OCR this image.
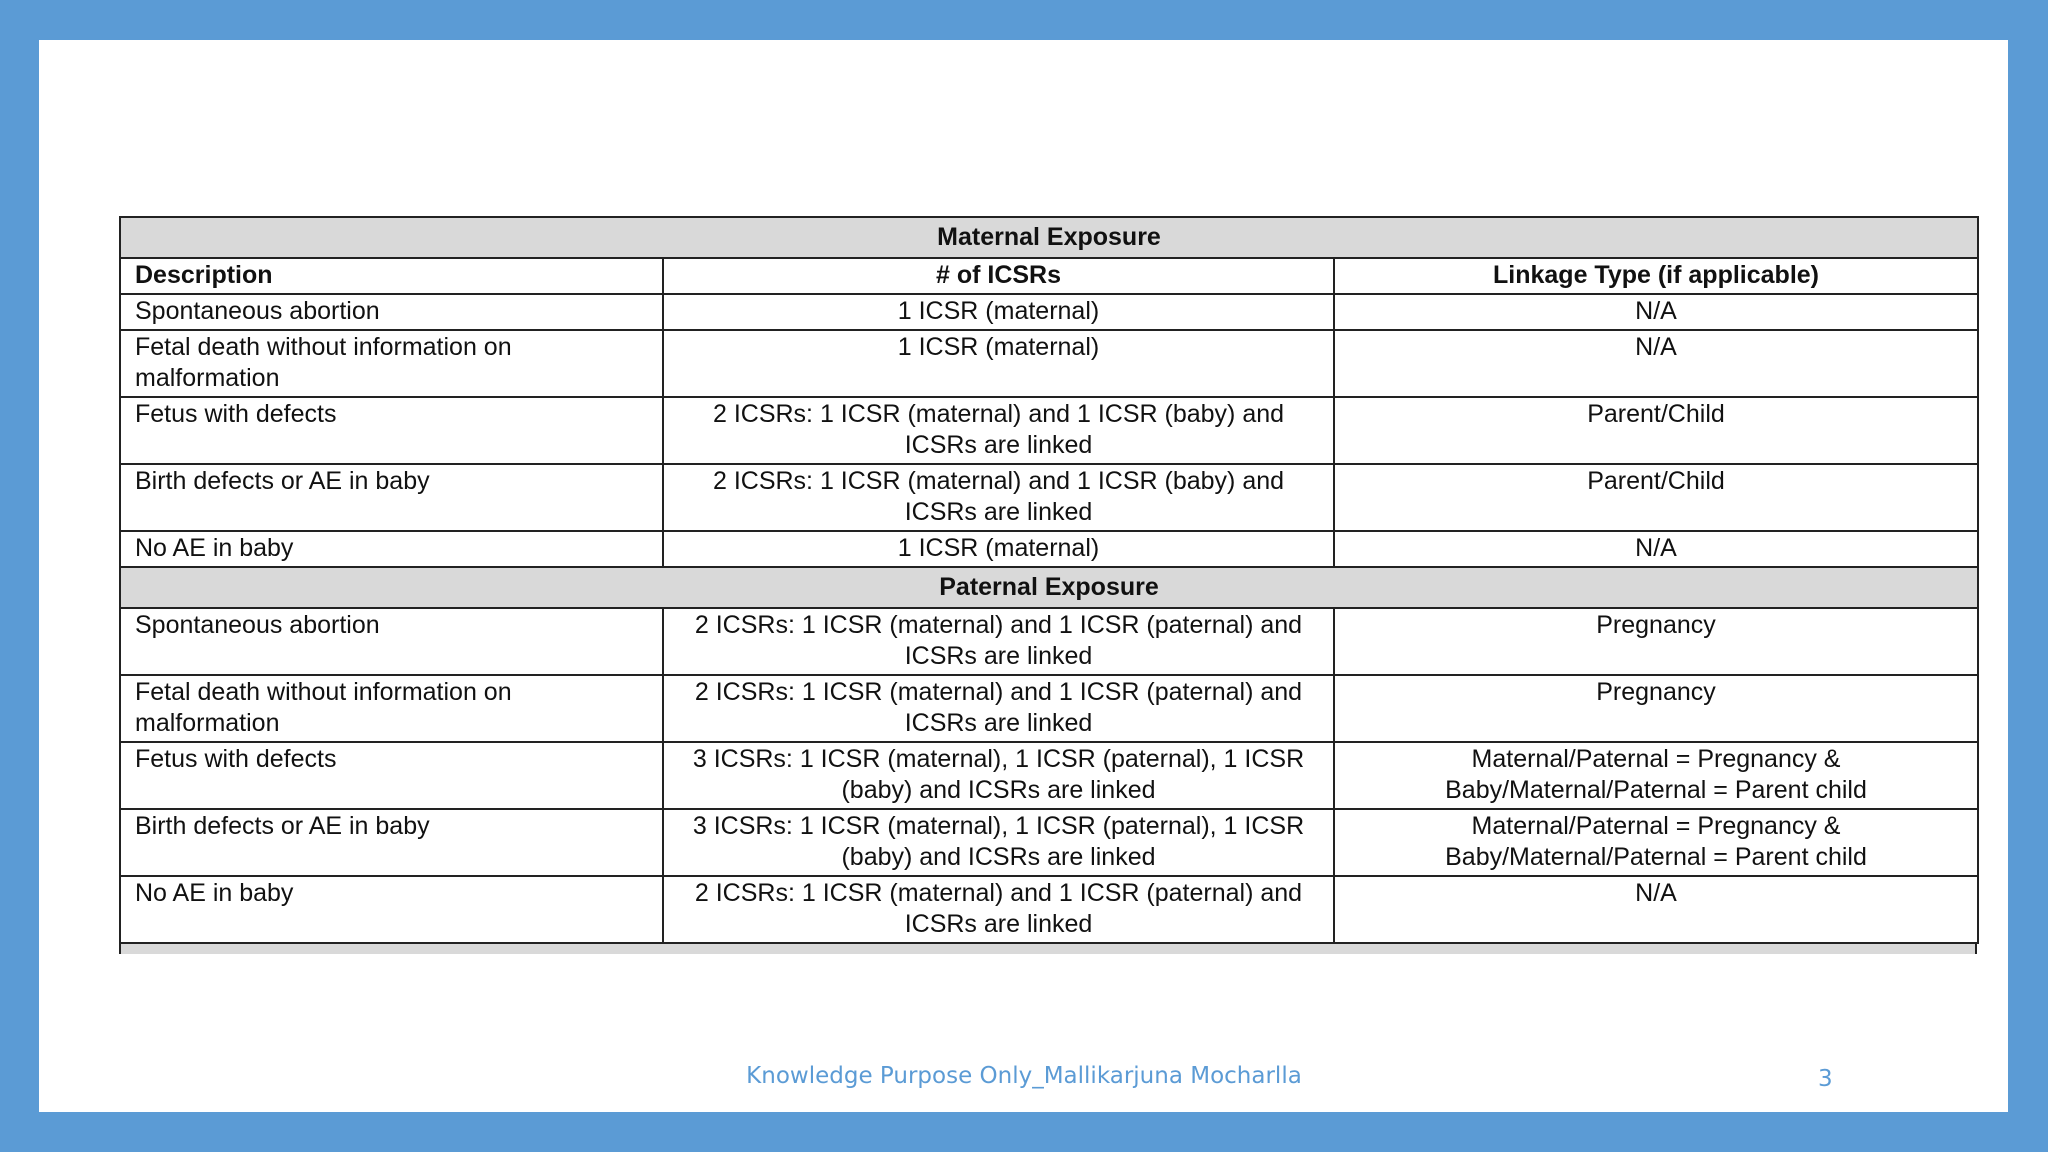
Maternal Exposure		
Description	# of ICSRs	Linkage Type (if applicable)
Spontaneous abortion	1 ICSR (maternal)	N/A
Fetal death without information on malformation	1 ICSR (maternal)	N/A
Fetus with defects	2 ICSRs: 1 ICSR (maternal) and 1 ICSR (baby) and ICSRs are linked	Parent/Child
Birth defects or AE in baby	2 ICSRs: 1 ICSR (maternal) and 1 ICSR (baby) and ICSRs are linked	Parent/Child
No AE in baby	1 ICSR (maternal)	N/A
Paternal Exposure		
Spontaneous abortion	2 ICSRs: 1 ICSR (maternal) and 1 ICSR (paternal) and ICSRs are linked	Pregnancy
Fetal death without information on malformation	2 ICSRs: 1 ICSR (maternal) and 1 ICSR (paternal) and ICSRs are linked	Pregnancy
Fetus with defects	3 ICSRs: 1 ICSR (maternal), 1 ICSR (paternal), 1 ICSR (baby) and ICSRs are linked	Maternal/Paternal = Pregnancy & Baby/Maternal/Paternal = Parent child
Birth defects or AE in baby	3 ICSRs: 1 ICSR (maternal), 1 ICSR (paternal), 1 ICSR (baby) and ICSRs are linked	Maternal/Paternal = Pregnancy & Baby/Maternal/Paternal = Parent child
No AE in baby	2 ICSRs: 1 ICSR (maternal) and 1 ICSR (paternal) and ICSRs are linked	N/A
Knowledge Purpose Only_Mallikarjuna Mocharlla	3
